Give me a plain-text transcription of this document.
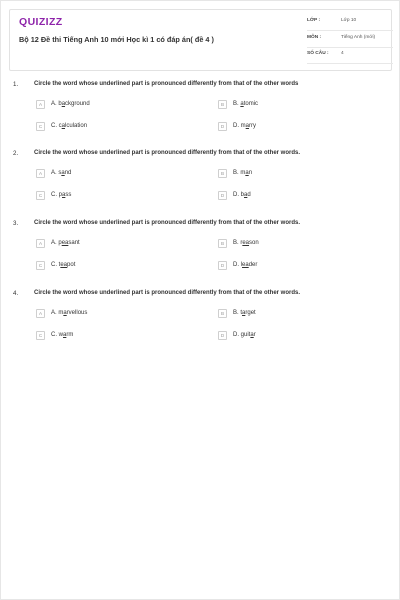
QUIZIZZ
Bộ 12 Đề thi Tiếng Anh 10 mới Học kì 1 có đáp án( đề 4 )
LỚP :	Lớp 10
MÔN :	Tiếng Anh (mới)
SỐ CÂU :	4
1.	Circle the word whose underlined part is pronounced differently from that of the other words
A	A. background	B	B. atomic
C	C. calculation	D	D. marry
2.	Circle the word whose underlined part is pronounced differently from that of the other words.
A	A. sand	B	B. man
C	C. pass	D	D. bad
3.	Circle the word whose underlined part is pronounced differently from that of the other words.
A	A. peasant	B	B. reason
C	C. teapot	D	D. leader
4.	Circle the word whose underlined part is pronounced differently from that of the other words.
A	A. marvellous	B	B. target
C	C. warm	D	D. guitar
